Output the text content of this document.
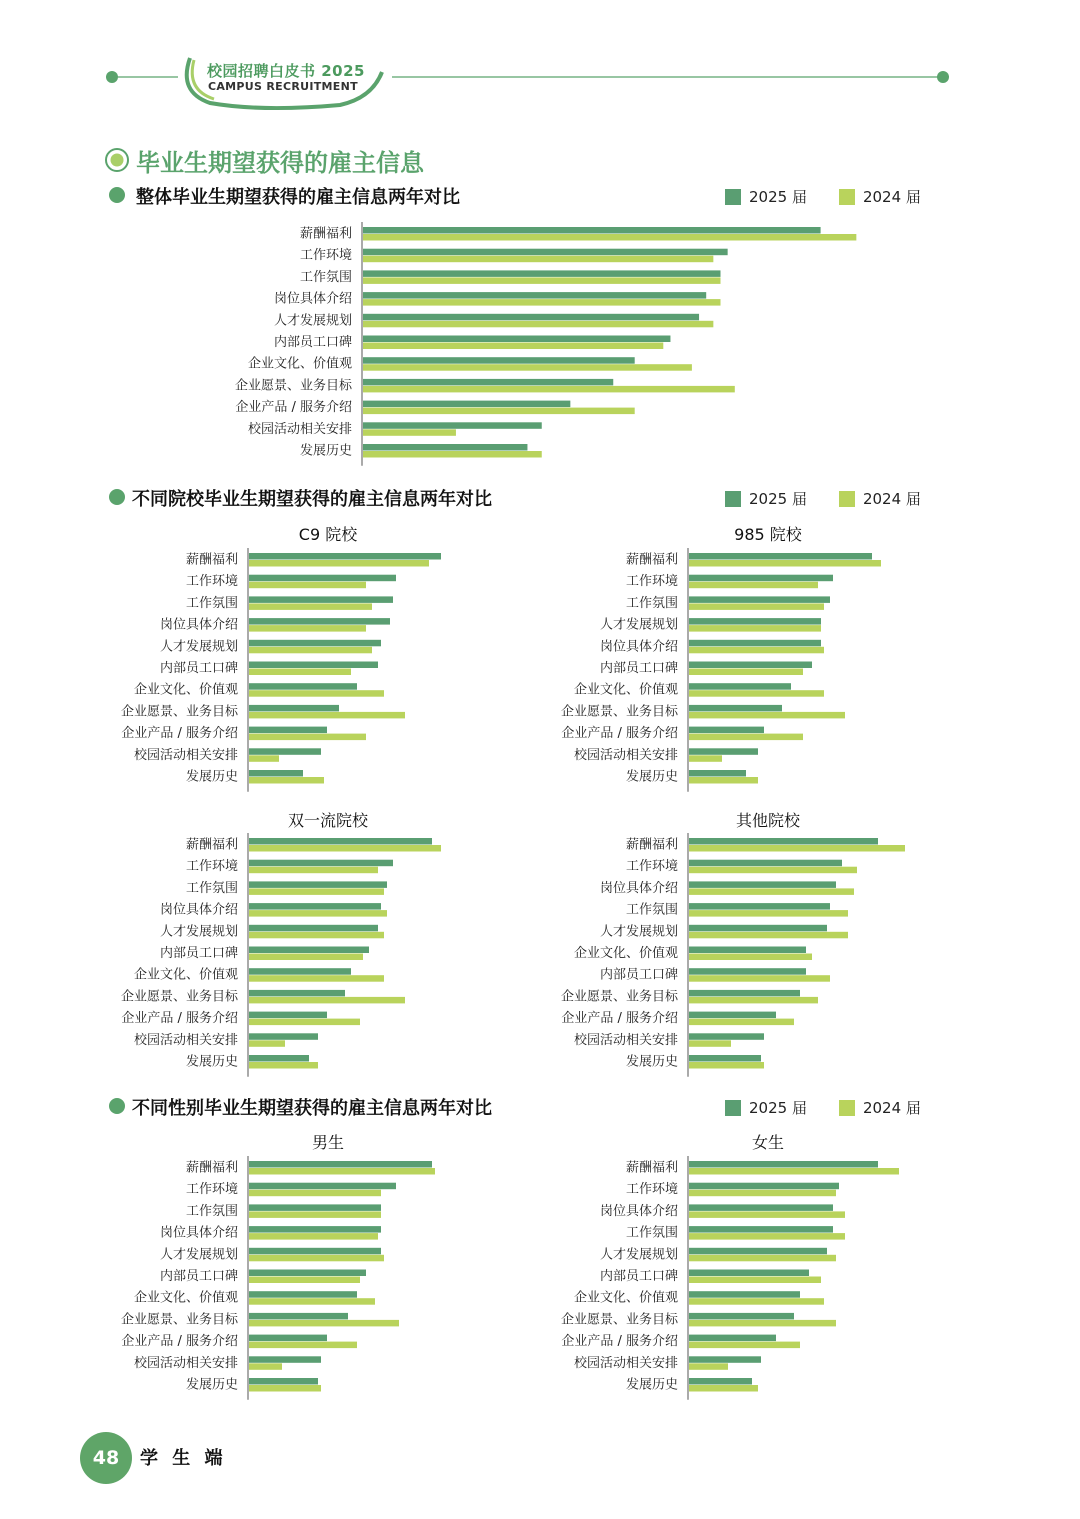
校园招聘白皮书 2025
CAMPUS RECRUITMENT
毕业生期望获得的雇主信息
整体毕业生期望获得的雇主信息两年对比	2025 届	2024 届
薪酬福利
工作环境
工作氛围
岗位具体介绍
人才发展规划
内部员工口碑
企业文化、价值观
企业愿景、业务目标
企业产品 / 服务介绍
校园活动相关安排
发展历史
不同院校毕业生期望获得的雇主信息两年对比	2025 届	2024 届
C9 院校
薪酬福利
工作环境
工作氛围
岗位具体介绍
人才发展规划
内部员工口碑
企业文化、价值观
企业愿景、业务目标
企业产品 / 服务介绍
校园活动相关安排
发展历史
985 院校
薪酬福利
工作环境
工作氛围
人才发展规划
岗位具体介绍
内部员工口碑
企业文化、价值观
企业愿景、业务目标
企业产品 / 服务介绍
校园活动相关安排
发展历史
双一流院校
薪酬福利
工作环境
工作氛围
岗位具体介绍
人才发展规划
内部员工口碑
企业文化、价值观
企业愿景、业务目标
企业产品 / 服务介绍
校园活动相关安排
发展历史
其他院校
薪酬福利
工作环境
岗位具体介绍
工作氛围
人才发展规划
企业文化、价值观
内部员工口碑
企业愿景、业务目标
企业产品 / 服务介绍
校园活动相关安排
发展历史
不同性别毕业生期望获得的雇主信息两年对比	2025 届	2024 届
男生
薪酬福利
工作环境
工作氛围
岗位具体介绍
人才发展规划
内部员工口碑
企业文化、价值观
企业愿景、业务目标
企业产品 / 服务介绍
校园活动相关安排
发展历史
女生
薪酬福利
工作环境
岗位具体介绍
工作氛围
人才发展规划
内部员工口碑
企业文化、价值观
企业愿景、业务目标
企业产品 / 服务介绍
校园活动相关安排
发展历史
48	学 生 端
